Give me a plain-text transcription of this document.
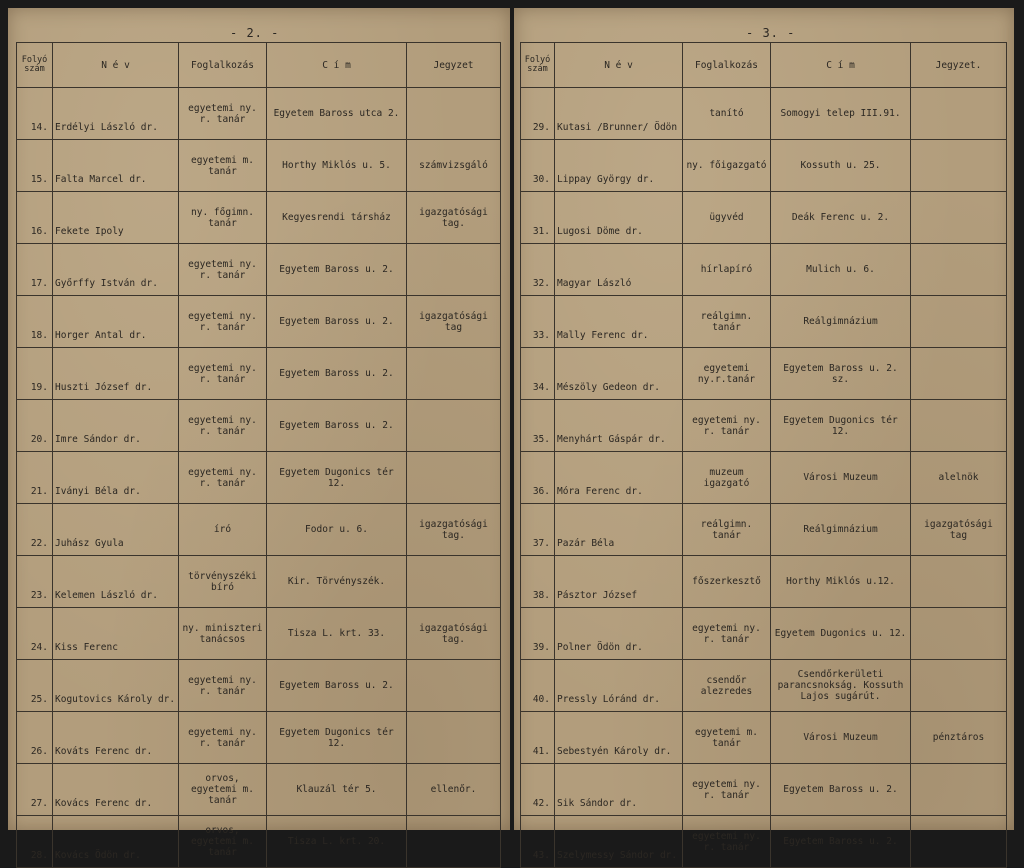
- 2. -
Folyó szám	N é v	Foglalkozás	C í m	Jegyzet
14.	Erdélyi László dr.	egyetemi ny. r. tanár	Egyetem Baross utca 2.	
15.	Falta Marcel dr.	egyetemi m. tanár	Horthy Miklós u. 5.	számvizsgáló
16.	Fekete Ipoly	ny. főgimn. tanár	Kegyesrendi társház	igazgatósági tag.
17.	Győrffy István dr.	egyetemi ny. r. tanár	Egyetem Baross u. 2.	
18.	Horger Antal dr.	egyetemi ny. r. tanár	Egyetem Baross u. 2.	igazgatósági tag
19.	Huszti József dr.	egyetemi ny. r. tanár	Egyetem Baross u. 2.	
20.	Imre Sándor dr.	egyetemi ny. r. tanár	Egyetem Baross u. 2.	
21.	Iványi Béla dr.	egyetemi ny. r. tanár	Egyetem Dugonics tér 12.	
22.	Juhász Gyula	író	Fodor u. 6.	igazgatósági tag.
23.	Kelemen László dr.	törvényszéki bíró	Kir. Törvényszék.	
24.	Kiss Ferenc	ny. miniszteri tanácsos	Tisza L. krt. 33.	igazgatósági tag.
25.	Kogutovics Károly dr.	egyetemi ny. r. tanár	Egyetem Baross u. 2.	
26.	Kováts Ferenc dr.	egyetemi ny. r. tanár	Egyetem Dugonics tér 12.	
27.	Kovács Ferenc dr.	orvos, egyetemi m. tanár	Klauzál tér 5.	ellenőr.
28.	Kovács Ödön dr.	orvos, egyetemi m. tanár	Tisza L. krt. 20.	
- 3. -
Folyó szám	N é v	Foglalkozás	C í m	Jegyzet.
29.	Kutasi /Brunner/ Ödön	tanító	Somogyi telep III.91.	
30.	Lippay György dr.	ny. főigazgató	Kossuth u. 25.	
31.	Lugosi Döme dr.	ügyvéd	Deák Ferenc u. 2.	
32.	Magyar László	hírlapíró	Mulich u. 6.	
33.	Mally Ferenc dr.	reálgimn. tanár	Reálgimnázium	
34.	Mészöly Gedeon dr.	egyetemi ny.r.tanár	Egyetem Baross u. 2. sz.	
35.	Menyhárt Gáspár dr.	egyetemi ny. r. tanár	Egyetem Dugonics tér 12.	
36.	Móra Ferenc dr.	muzeum igazgató	Városi Muzeum	alelnök
37.	Pazár Béla	reálgimn. tanár	Reálgimnázium	igazgatósági tag
38.	Pásztor József	főszerkesztő	Horthy Miklós u.12.	
39.	Polner Ödön dr.	egyetemi ny. r. tanár	Egyetem Dugonics u. 12.	
40.	Pressly Lóránd dr.	csendőr alezredes	Csendőrkerületi parancsnokság. Kossuth Lajos sugárút.	
41.	Sebestyén Károly dr.	egyetemi m. tanár	Városi Muzeum	pénztáros
42.	Sik Sándor dr.	egyetemi ny. r. tanár	Egyetem Baross u. 2.	
43.	Szelymessy Sándor dr.	egyetemi ny. r. tanár	Egyetem Baross u. 2.	
